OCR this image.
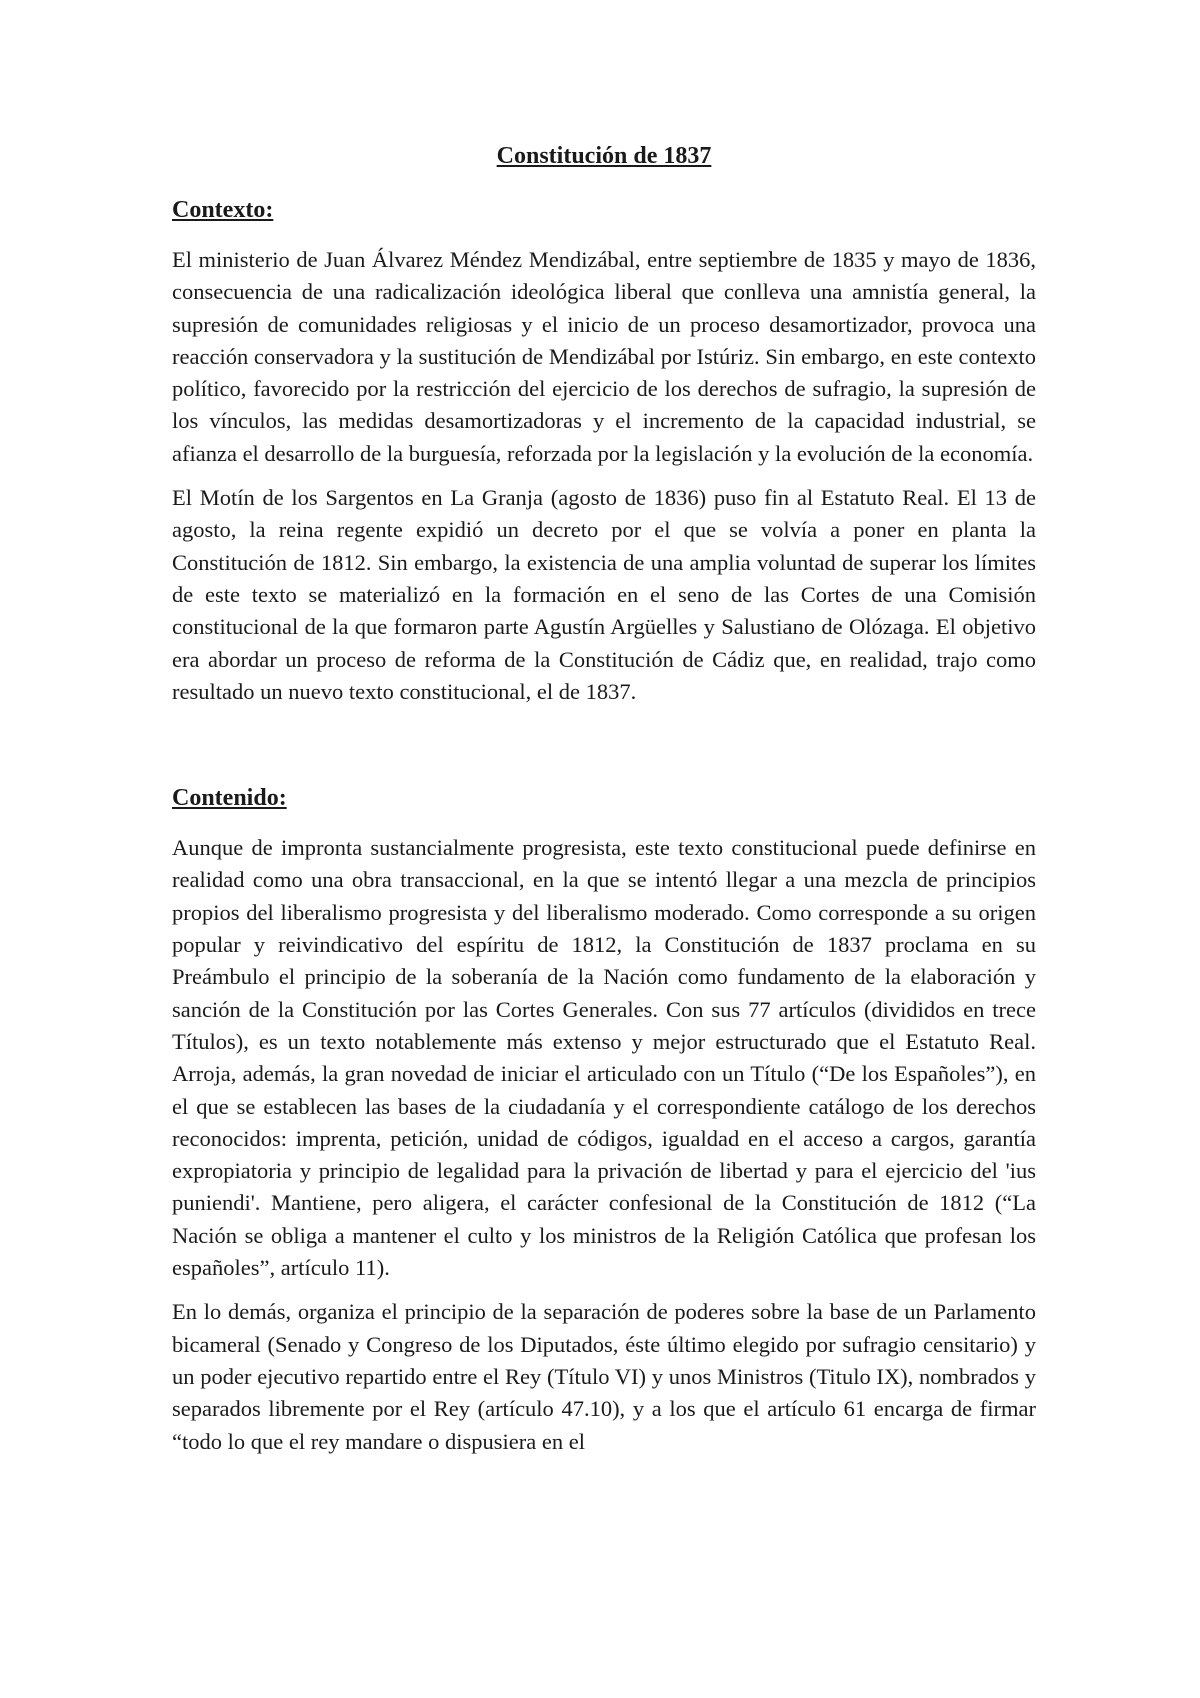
Constitución de 1837
Contexto:

El ministerio de Juan Álvarez Méndez Mendizábal, entre septiembre de 1835 y mayo de 1836, consecuencia de una radicalización ideológica liberal que conlleva una amnistía general, la supresión de comunidades religiosas y el inicio de un proceso desamortizador, provoca una reacción conservadora y la sustitución de Mendizábal por Istúriz. Sin embargo, en este contexto político, favorecido por la restricción del ejercicio de los derechos de sufragio, la supresión de los vínculos, las medidas desamortizadoras y el incremento de la capacidad industrial, se afianza el desarrollo de la burguesía, reforzada por la legislación y la evolución de la economía.

El Motín de los Sargentos en La Granja (agosto de 1836) puso fin al Estatuto Real. El 13 de agosto, la reina regente expidió un decreto por el que se volvía a poner en planta la Constitución de 1812. Sin embargo, la existencia de una amplia voluntad de superar los límites de este texto se materializó en la formación en el seno de las Cortes de una Comisión constitucional de la que formaron parte Agustín Argüelles y Salustiano de Olózaga. El objetivo era abordar un proceso de reforma de la Constitución de Cádiz que, en realidad, trajo como resultado un nuevo texto constitucional, el de 1837.

Contenido:

Aunque de impronta sustancialmente progresista, este texto constitucional puede definirse en realidad como una obra transaccional, en la que se intentó llegar a una mezcla de principios propios del liberalismo progresista y del liberalismo moderado. Como corresponde a su origen popular y reivindicativo del espíritu de 1812, la Constitución de 1837 proclama en su Preámbulo el principio de la soberanía de la Nación como fundamento de la elaboración y sanción de la Constitución por las Cortes Generales. Con sus 77 artículos (divididos en trece Títulos), es un texto notablemente más extenso y mejor estructurado que el Estatuto Real. Arroja, además, la gran novedad de iniciar el articulado con un Título (“De los Españoles”), en el que se establecen las bases de la ciudadanía y el correspondiente catálogo de los derechos reconocidos: imprenta, petición, unidad de códigos, igualdad en el acceso a cargos, garantía expropiatoria y principio de legalidad para la privación de libertad y para el ejercicio del 'ius puniendi'. Mantiene, pero aligera, el carácter confesional de la Constitución de 1812 (“La Nación se obliga a mantener el culto y los ministros de la Religión Católica que profesan los españoles”, artículo 11).

En lo demás, organiza el principio de la separación de poderes sobre la base de un Parlamento bicameral (Senado y Congreso de los Diputados, éste último elegido por sufragio censitario) y un poder ejecutivo repartido entre el Rey (Título VI) y unos Ministros (Titulo IX), nombrados y separados libremente por el Rey (artículo 47.10), y a los que el artículo 61 encarga de firmar “todo lo que el rey mandare o dispusiera en el
